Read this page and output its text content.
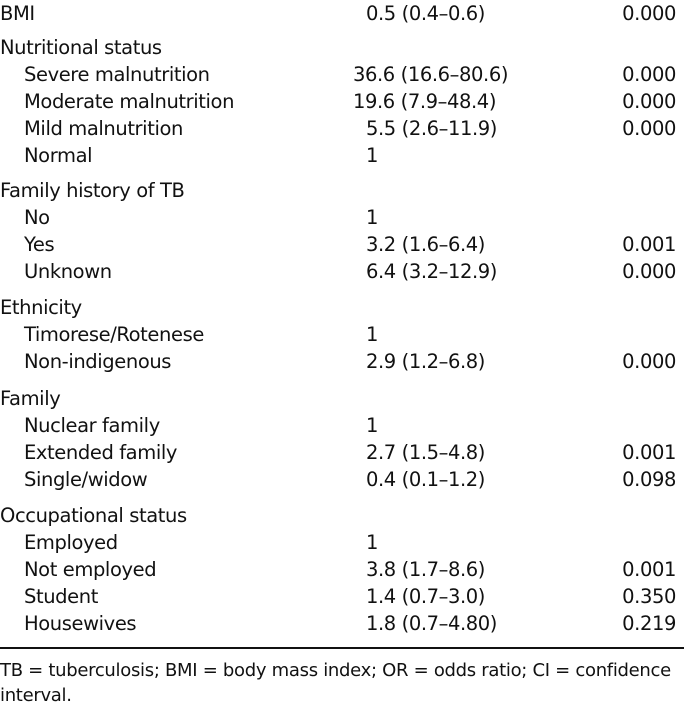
BMI	0.5 (0.4–0.6)	0.000
Nutritional status
Severe malnutrition	36.6 (16.6–80.6)	0.000
Moderate malnutrition	19.6 (7.9–48.4)	0.000
Mild malnutrition	5.5 (2.6–11.9)	0.000
Normal	1
Family history of TB
No	1
Yes	3.2 (1.6–6.4)	0.001
Unknown	6.4 (3.2–12.9)	0.000
Ethnicity
Timorese/Rotenese	1
Non-indigenous	2.9 (1.2–6.8)	0.000
Family
Nuclear family	1
Extended family	2.7 (1.5–4.8)	0.001
Single/widow	0.4 (0.1–1.2)	0.098
Occupational status
Employed	1
Not employed	3.8 (1.7–8.6)	0.001
Student	1.4 (0.7–3.0)	0.350
Housewives	1.8 (0.7–4.80)	0.219
TB = tuberculosis; BMI = body mass index; OR = odds ratio; CI = confidence interval.
